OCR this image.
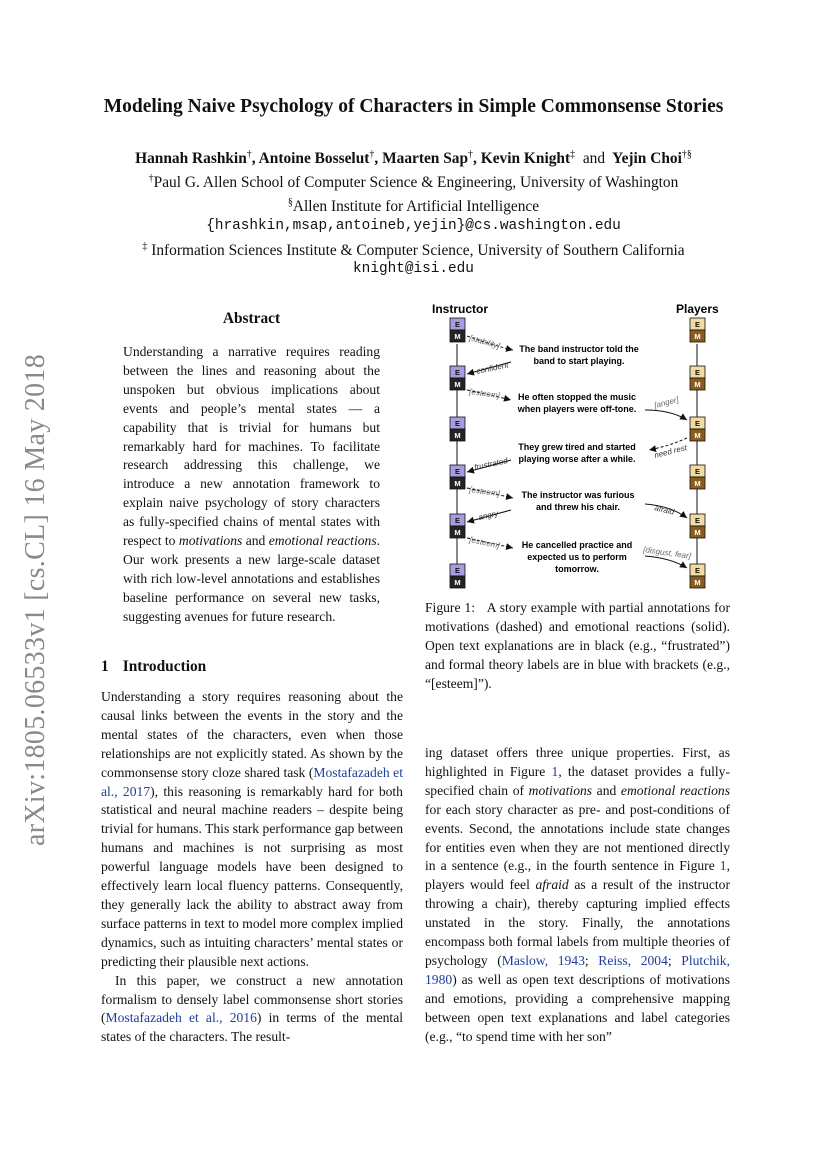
Modeling Naive Psychology of Characters in Simple Commonsense Stories
Hannah Rashkin†, Antoine Bosselut†, Maarten Sap†, Kevin Knight‡ and Yejin Choi†§
†Paul G. Allen School of Computer Science & Engineering, University of Washington
§Allen Institute for Artificial Intelligence
{hrashkin,msap,antoineb,yejin}@cs.washington.edu
‡ Information Sciences Institute & Computer Science, University of Southern California
knight@isi.edu
arXiv:1805.06533v1 [cs.CL] 16 May 2018
Abstract
Understanding a narrative requires reading between the lines and reasoning about the unspoken but obvious implications about events and people’s mental states — a capability that is trivial for humans but remarkably hard for machines. To facilitate research addressing this challenge, we introduce a new annotation framework to explain naive psychology of story characters as fully-specified chains of mental states with respect to motivations and emotional reactions. Our work presents a new large-scale dataset with rich low-level annotations and establishes baseline performance on several new tasks, suggesting avenues for future research.
1 Introduction

Understanding a story requires reasoning about the causal links between the events in the story and the mental states of the characters, even when those relationships are not explicitly stated. As shown by the commonsense story cloze shared task (Mostafazadeh et al., 2017), this reasoning is remarkably hard for both statistical and neural machine readers – despite being trivial for humans. This stark performance gap between humans and machines is not surprising as most powerful language models have been designed to effectively learn local fluency patterns. Consequently, they generally lack the ability to abstract away from surface patterns in text to model more complex implied dynamics, such as intuiting characters’ mental states or predicting their plausible next actions.

In this paper, we construct a new annotation formalism to densely label commonsense short stories (Mostafazadeh et al., 2016) in terms of the mental states of the characters. The result-

ing dataset offers three unique properties. First, as highlighted in Figure 1, the dataset provides a fully-specified chain of motivations and emotional reactions for each story character as pre- and post-conditions of events. Second, the annotations include state changes for entities even when they are not mentioned directly in a sentence (e.g., in the fourth sentence in Figure 1, players would feel afraid as a result of the instructor throwing a chair), thereby capturing implied effects unstated in the story. Finally, the annotations encompass both formal labels from multiple theories of psychology (Maslow, 1943; Reiss, 2004; Plutchik, 1980) as well as open text descriptions of motivations and emotions, providing a comprehensive mapping between open text explanations and label categories (e.g., “to spend time with her son”

Instructor	Players
E
M
E
M
E
M
E
M
E
M
E
M
E
M
E
M
E
M
E
M
E
M
E
M
The band instructor told the
band to start playing.
He often stopped the music
when players were off-tone.
They grew tired and started
playing worse after a while.
The instructor was furious
and threw his chair.
He cancelled practice and
expected us to perform
tomorrow.
[stability]
confident
[esteem]
[anger]
need rest
frustrated
[esteem]
afraid
angry
[esteem]
[disgust, fear]
Figure 1: A story example with partial annotations for motivations (dashed) and emotional reactions (solid). Open text explanations are in black (e.g., “frustrated”) and formal theory labels are in blue with brackets (e.g., “[esteem]”).
